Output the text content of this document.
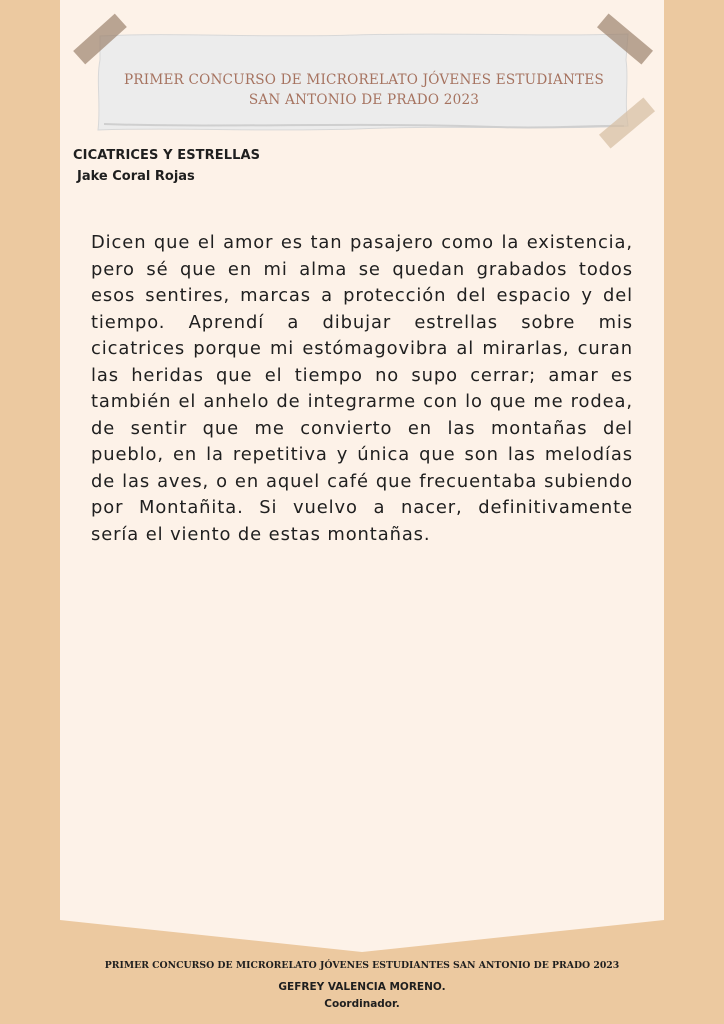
PRIMER CONCURSO DE MICRORELATO JÓVENES ESTUDIANTES
SAN ANTONIO DE PRADO 2023
CICATRICES Y ESTRELLAS
Jake Coral Rojas

Dicen que el amor es tan pasajero como la existencia, pero sé que en mi alma se quedan grabados todos esos sentires, marcas a protección del espacio y del tiempo. Aprendí a dibujar estrellas sobre mis cicatrices porque mi estómagovibra al mirarlas, curan las heridas que el tiempo no supo cerrar; amar es también el anhelo de integrarme con lo que me rodea, de sentir que me convierto en las montañas del pueblo, en la repetitiva y única que son las melodías de las aves, o en aquel café que frecuentaba subiendo por Montañita. Si vuelvo a nacer, definitivamente sería el viento de estas montañas.

PRIMER CONCURSO DE MICRORELATO JÓVENES ESTUDIANTES SAN ANTONIO DE PRADO 2023
GEFREY VALENCIA MORENO.
Coordinador.
